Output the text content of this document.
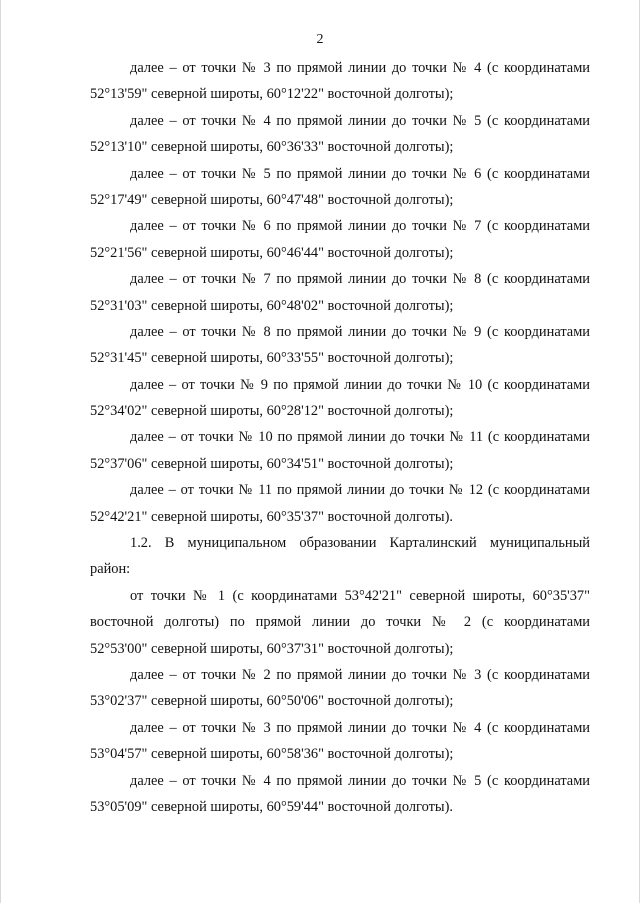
2
далее – от точки № 3 по прямой линии до точки № 4 (с координатами
52°13'59" северной широты, 60°12'22" восточной долготы);
далее – от точки № 4 по прямой линии до точки № 5 (с координатами
52°13'10" северной широты, 60°36'33" восточной долготы);
далее – от точки № 5 по прямой линии до точки № 6 (с координатами
52°17'49" северной широты, 60°47'48" восточной долготы);
далее – от точки № 6 по прямой линии до точки № 7 (с координатами
52°21'56" северной широты, 60°46'44" восточной долготы);
далее – от точки № 7 по прямой линии до точки № 8 (с координатами
52°31'03" северной широты, 60°48'02" восточной долготы);
далее – от точки № 8 по прямой линии до точки № 9 (с координатами
52°31'45" северной широты, 60°33'55" восточной долготы);
далее – от точки № 9 по прямой линии до точки № 10 (с координатами
52°34'02" северной широты, 60°28'12" восточной долготы);
далее – от точки № 10 по прямой линии до точки № 11 (с координатами
52°37'06" северной широты, 60°34'51" восточной долготы);
далее – от точки № 11 по прямой линии до точки № 12 (с координатами
52°42'21" северной широты, 60°35'37" восточной долготы).
1.2. В муниципальном образовании Карталинский муниципальный
район:
от точки № 1 (с координатами 53°42'21" северной широты, 60°35'37"
восточной долготы) по прямой линии до точки № 2 (с координатами
52°53'00" северной широты, 60°37'31" восточной долготы);
далее – от точки № 2 по прямой линии до точки № 3 (с координатами
53°02'37" северной широты, 60°50'06" восточной долготы);
далее – от точки № 3 по прямой линии до точки № 4 (с координатами
53°04'57" северной широты, 60°58'36" восточной долготы);
далее – от точки № 4 по прямой линии до точки № 5 (с координатами
53°05'09" северной широты, 60°59'44" восточной долготы).
